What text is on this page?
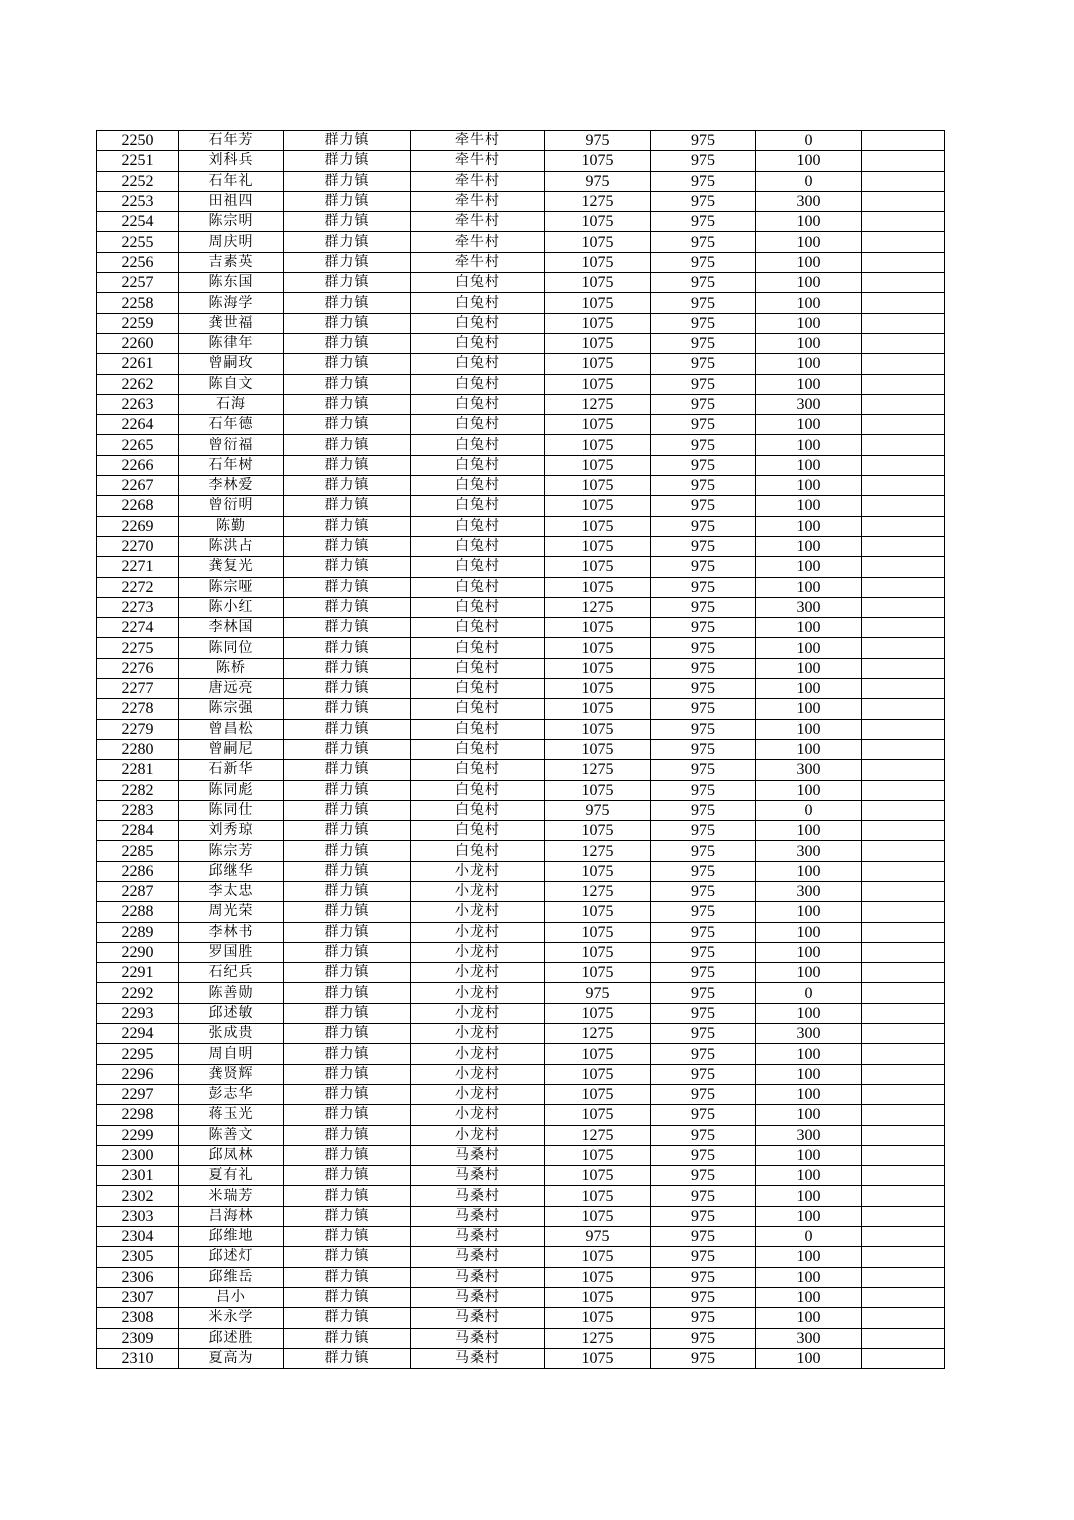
2250	石年芳	群力镇	牵牛村	975	975	0	
2251	刘科兵	群力镇	牵牛村	1075	975	100	
2252	石年礼	群力镇	牵牛村	975	975	0	
2253	田祖四	群力镇	牵牛村	1275	975	300	
2254	陈宗明	群力镇	牵牛村	1075	975	100	
2255	周庆明	群力镇	牵牛村	1075	975	100	
2256	吉素英	群力镇	牵牛村	1075	975	100	
2257	陈东国	群力镇	白兔村	1075	975	100	
2258	陈海学	群力镇	白兔村	1075	975	100	
2259	龚世福	群力镇	白兔村	1075	975	100	
2260	陈律年	群力镇	白兔村	1075	975	100	
2261	曾嗣玫	群力镇	白兔村	1075	975	100	
2262	陈自文	群力镇	白兔村	1075	975	100	
2263	石海	群力镇	白兔村	1275	975	300	
2264	石年德	群力镇	白兔村	1075	975	100	
2265	曾衍福	群力镇	白兔村	1075	975	100	
2266	石年树	群力镇	白兔村	1075	975	100	
2267	李林爱	群力镇	白兔村	1075	975	100	
2268	曾衍明	群力镇	白兔村	1075	975	100	
2269	陈勤	群力镇	白兔村	1075	975	100	
2270	陈洪占	群力镇	白兔村	1075	975	100	
2271	龚复光	群力镇	白兔村	1075	975	100	
2272	陈宗哑	群力镇	白兔村	1075	975	100	
2273	陈小红	群力镇	白兔村	1275	975	300	
2274	李林国	群力镇	白兔村	1075	975	100	
2275	陈同位	群力镇	白兔村	1075	975	100	
2276	陈桥	群力镇	白兔村	1075	975	100	
2277	唐远亮	群力镇	白兔村	1075	975	100	
2278	陈宗强	群力镇	白兔村	1075	975	100	
2279	曾昌松	群力镇	白兔村	1075	975	100	
2280	曾嗣尼	群力镇	白兔村	1075	975	100	
2281	石新华	群力镇	白兔村	1275	975	300	
2282	陈同彪	群力镇	白兔村	1075	975	100	
2283	陈同仕	群力镇	白兔村	975	975	0	
2284	刘秀琼	群力镇	白兔村	1075	975	100	
2285	陈宗芳	群力镇	白兔村	1275	975	300	
2286	邱继华	群力镇	小龙村	1075	975	100	
2287	李太忠	群力镇	小龙村	1275	975	300	
2288	周光荣	群力镇	小龙村	1075	975	100	
2289	李林书	群力镇	小龙村	1075	975	100	
2290	罗国胜	群力镇	小龙村	1075	975	100	
2291	石纪兵	群力镇	小龙村	1075	975	100	
2292	陈善勋	群力镇	小龙村	975	975	0	
2293	邱述敏	群力镇	小龙村	1075	975	100	
2294	张成贵	群力镇	小龙村	1275	975	300	
2295	周自明	群力镇	小龙村	1075	975	100	
2296	龚贤辉	群力镇	小龙村	1075	975	100	
2297	彭志华	群力镇	小龙村	1075	975	100	
2298	蒋玉光	群力镇	小龙村	1075	975	100	
2299	陈善文	群力镇	小龙村	1275	975	300	
2300	邱凤林	群力镇	马桑村	1075	975	100	
2301	夏有礼	群力镇	马桑村	1075	975	100	
2302	米瑞芳	群力镇	马桑村	1075	975	100	
2303	吕海林	群力镇	马桑村	1075	975	100	
2304	邱维地	群力镇	马桑村	975	975	0	
2305	邱述灯	群力镇	马桑村	1075	975	100	
2306	邱维岳	群力镇	马桑村	1075	975	100	
2307	吕小	群力镇	马桑村	1075	975	100	
2308	米永学	群力镇	马桑村	1075	975	100	
2309	邱述胜	群力镇	马桑村	1275	975	300	
2310	夏高为	群力镇	马桑村	1075	975	100	
